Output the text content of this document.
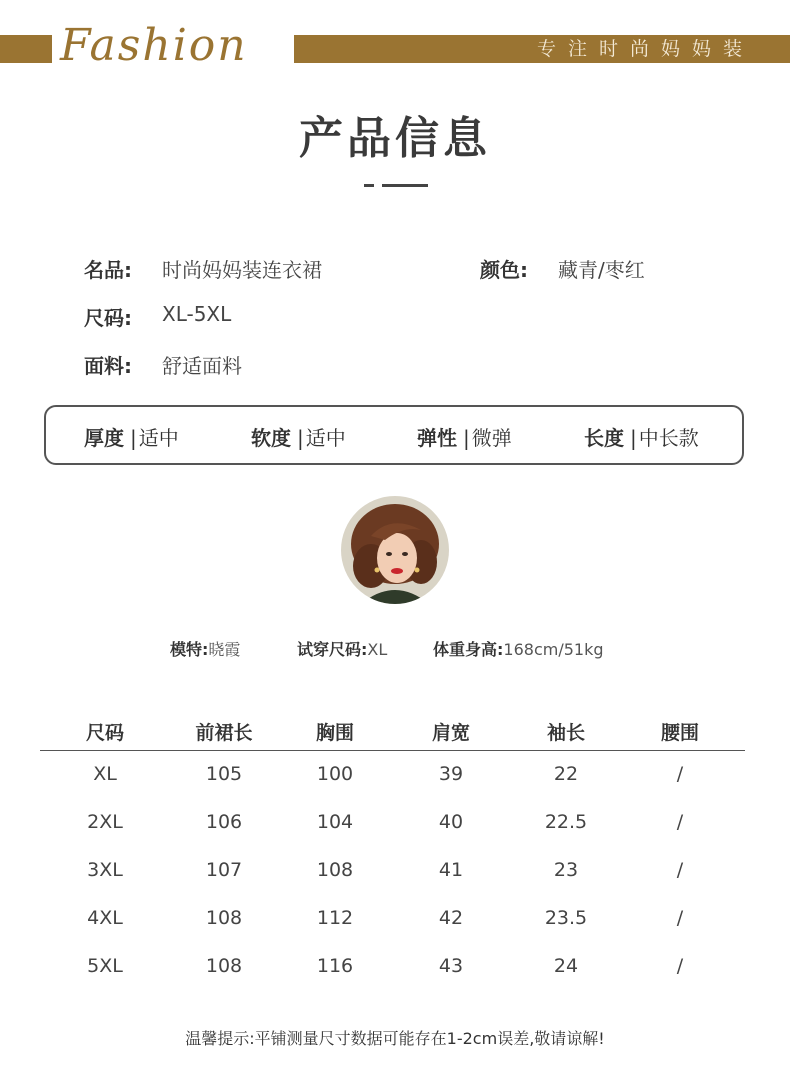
Fashion	专注时尚妈妈装
产品信息
名品: 时尚妈妈装连衣裙	颜色: 藏青/枣红
尺码: XL-5XL
面料: 舒适面料
厚度 | 适中	软度 | 适中	弹性 | 微弹	长度 | 中长款
模特:晓霞	试穿尺码:XL	体重身高:168cm/51kg
尺码	前裙长	胸围	肩宽	袖长	腰围
XL	105	100	39	22	/
2XL	106	104	40	22.5	/
3XL	107	108	41	23	/
4XL	108	112	42	23.5	/
5XL	108	116	43	24	/
温馨提示:平铺测量尺寸数据可能存在1-2cm误差,敬请谅解!
